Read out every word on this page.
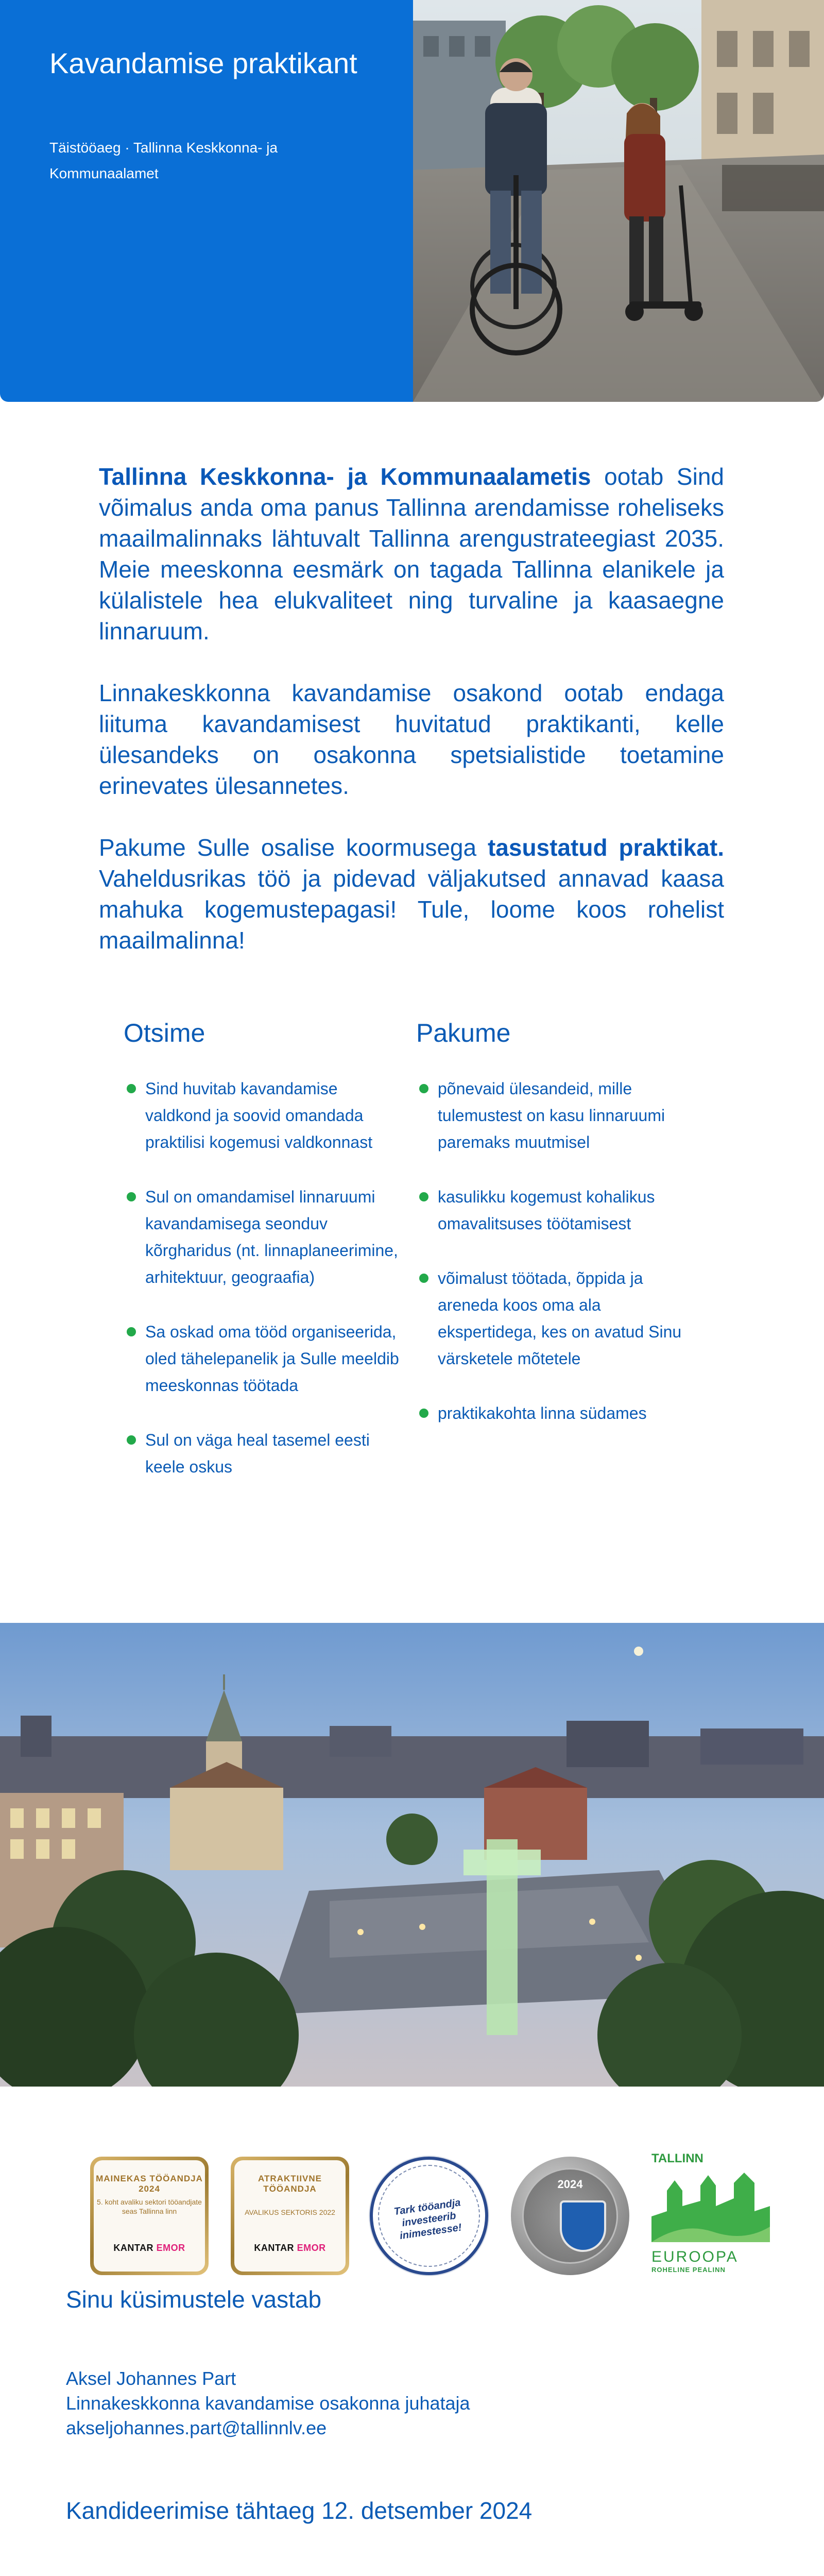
Kavandamise praktikant
Täistööaeg · Tallinna Keskkonna- ja Kommunaalamet

Tallinna Keskkonna- ja Kommunaalametis ootab Sind võimalus anda oma panus Tallinna arendamisse roheliseks maailmalinnaks lähtuvalt Tallinna arengustrateegiast 2035. Meie meeskonna eesmärk on tagada Tallinna elanikele ja külalistele hea elukvaliteet ning turvaline ja kaasaegne linnaruum.

Linnakeskkonna kavandamise osakond ootab endaga liituma kavandamisest huvitatud praktikanti, kelle ülesandeks on osakonna spetsialistide toetamine erinevates ülesannetes.

Pakume Sulle osalise koormusega tasustatud praktikat. Vaheldusrikas töö ja pidevad väljakutsed annavad kaasa mahuka kogemustepagasi! Tule, loome koos rohelist maailmalinna!

Otsime
Sind huvitab kavandamise valdkond ja soovid omandada praktilisi kogemusi valdkonnast
Sul on omandamisel linnaruumi kavandamisega seonduv kõrgharidus (nt. linnaplaneerimine, arhitektuur, geograafia)
Sa oskad oma tööd organiseerida, oled tähelepanelik ja Sulle meeldib meeskonnas töötada
Sul on väga heal tasemel eesti keele oskus
Pakume
põnevaid ülesandeid, mille tulemustest on kasu linnaruumi paremaks muutmisel
kasulikku kogemust kohalikus omavalitsuses töötamisest
võimalust töötada, õppida ja areneda koos oma ala ekspertidega, kes on avatud Sinu värsketele mõtetele
praktikakohta linna südames
MAINEKAS TÖÖANDJA 2024
5. koht avaliku sektori tööandjate seas Tallinna linn
KANTAR EMOR
ATRAKTIIVNE TÖÖANDJA
AVALIKUS SEKTORIS 2022
KANTAR EMOR
Tark tööandja investeerib inimestesse!
2024
TALLINN
EUROOPA
ROHELINE PEALINN
Sinu küsimustele vastab
Aksel Johannes Part
Linnakeskkonna kavandamise osakonna juhataja
akseljohannes.part@tallinnlv.ee
Kandideerimise tähtaeg 12. detsember 2024
